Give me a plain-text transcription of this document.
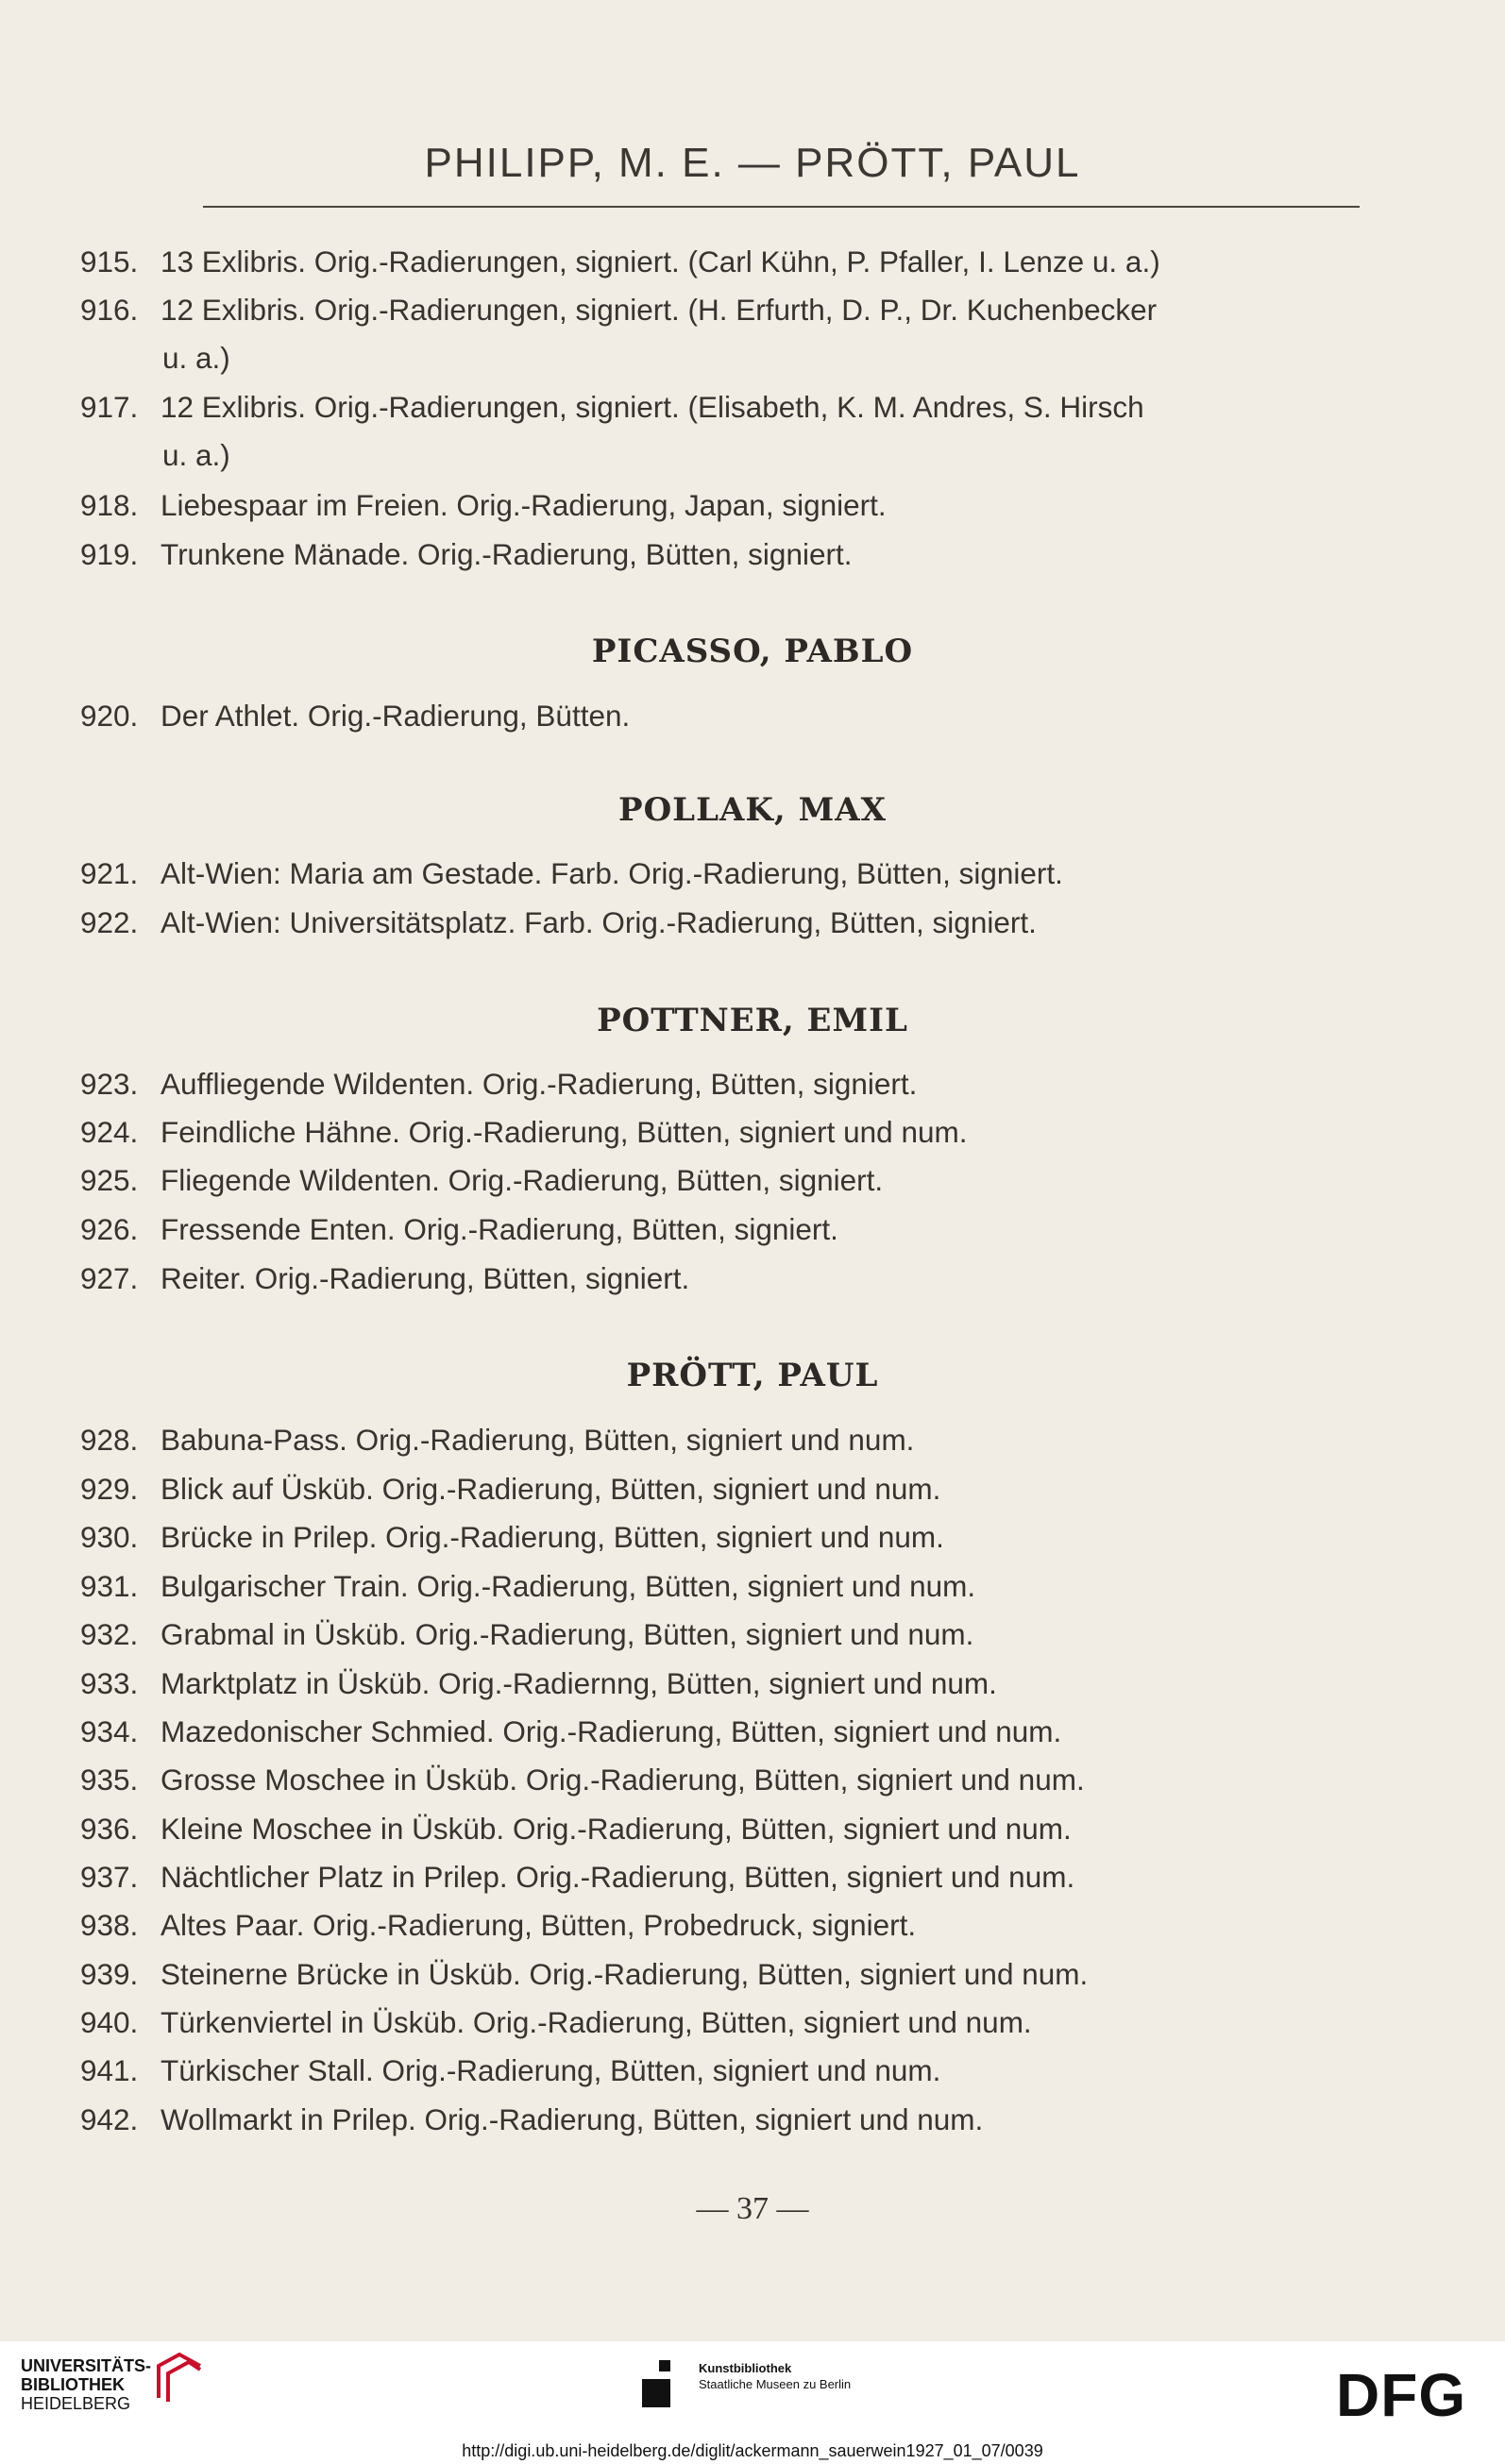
PHILIPP, M. E. — PRÖTT, PAUL
915. 13 Exlibris. Orig.-Radierungen, signiert. (Carl Kühn, P. Pfaller, I. Lenze u. a.)
916. 12 Exlibris. Orig.-Radierungen, signiert. (H. Erfurth, D. P., Dr. Kuchenbecker
u. a.)
917. 12 Exlibris. Orig.-Radierungen, signiert. (Elisabeth, K. M. Andres, S. Hirsch
u. a.)
918. Liebespaar im Freien. Orig.-Radierung, Japan, signiert.
919. Trunkene Mänade. Orig.-Radierung, Bütten, signiert.
920. Der Athlet. Orig.-Radierung, Bütten.
921. Alt-Wien: Maria am Gestade. Farb. Orig.-Radierung, Bütten, signiert.
922. Alt-Wien: Universitätsplatz. Farb. Orig.-Radierung, Bütten, signiert.
923. Auffliegende Wildenten. Orig.-Radierung, Bütten, signiert.
924. Feindliche Hähne. Orig.-Radierung, Bütten, signiert und num.
925. Fliegende Wildenten. Orig.-Radierung, Bütten, signiert.
926. Fressende Enten. Orig.-Radierung, Bütten, signiert.
927. Reiter. Orig.-Radierung, Bütten, signiert.
928. Babuna-Pass. Orig.-Radierung, Bütten, signiert und num.
929. Blick auf Üsküb. Orig.-Radierung, Bütten, signiert und num.
930. Brücke in Prilep. Orig.-Radierung, Bütten, signiert und num.
931. Bulgarischer Train. Orig.-Radierung, Bütten, signiert und num.
932. Grabmal in Üsküb. Orig.-Radierung, Bütten, signiert und num.
933. Marktplatz in Üsküb. Orig.-Radiernng, Bütten, signiert und num.
934. Mazedonischer Schmied. Orig.-Radierung, Bütten, signiert und num.
935. Grosse Moschee in Üsküb. Orig.-Radierung, Bütten, signiert und num.
936. Kleine Moschee in Üsküb. Orig.-Radierung, Bütten, signiert und num.
937. Nächtlicher Platz in Prilep. Orig.-Radierung, Bütten, signiert und num.
938. Altes Paar. Orig.-Radierung, Bütten, Probedruck, signiert.
939. Steinerne Brücke in Üsküb. Orig.-Radierung, Bütten, signiert und num.
940. Türkenviertel in Üsküb. Orig.-Radierung, Bütten, signiert und num.
941. Türkischer Stall. Orig.-Radierung, Bütten, signiert und num.
942. Wollmarkt in Prilep. Orig.-Radierung, Bütten, signiert und num.
PICASSO, PABLO
POLLAK, MAX
POTTNER, EMIL
PRÖTT, PAUL
— 37 —
UNIVERSITÄTS-
BIBLIOTHEK
HEIDELBERG
Kunstbibliothek
Staatliche Museen zu Berlin	DFG
http://digi.ub.uni-heidelberg.de/diglit/ackermann_sauerwein1927_01_07/0039
